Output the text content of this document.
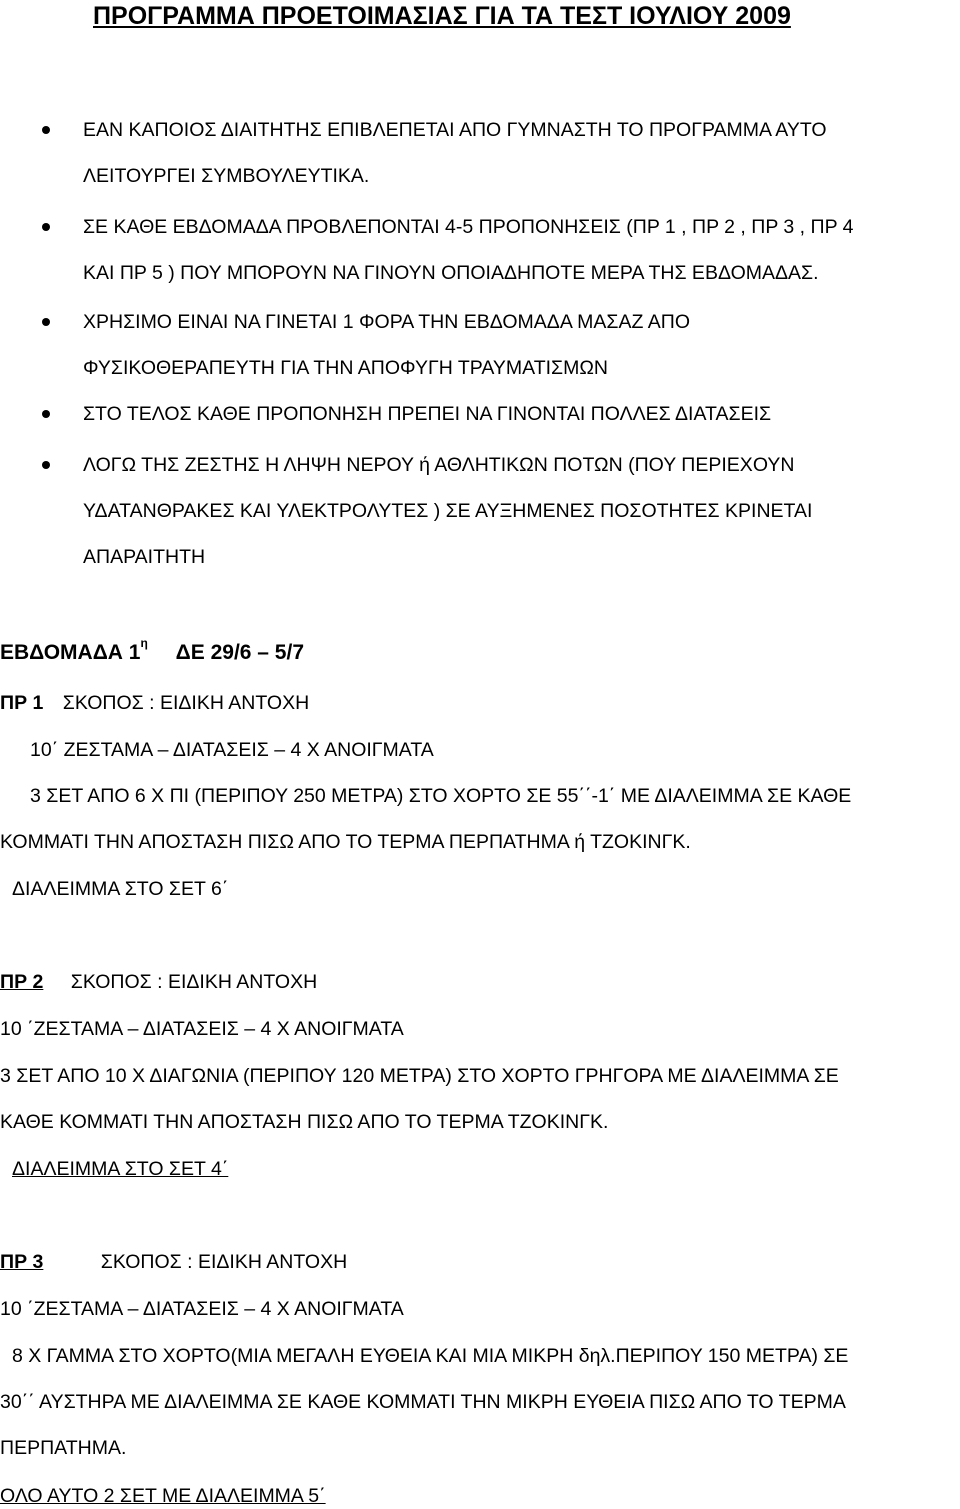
ΠΡΟΓΡΑΜΜΑ ΠΡΟΕΤΟΙΜΑΣΙΑΣ ΓΙΑ ΤΑ ΤΕΣΤ ΙΟΥΛΙΟΥ 2009
ΕΑΝ ΚΑΠΟΙΟΣ ΔΙΑΙΤΗΤΗΣ ΕΠΙΒΛΕΠΕΤΑΙ ΑΠΟ ΓΥΜΝΑΣΤΗ ΤΟ ΠΡΟΓΡΑΜΜΑ ΑΥΤΟ
ΛΕΙΤΟΥΡΓΕΙ ΣΥΜΒΟΥΛΕΥΤΙΚΑ.
ΣΕ ΚΑΘΕ ΕΒΔΟΜΑΔΑ ΠΡΟΒΛΕΠΟΝΤΑΙ 4-5 ΠΡΟΠΟΝΗΣΕΙΣ (ΠΡ 1 , ΠΡ 2 , ΠΡ 3 , ΠΡ 4
ΚΑΙ ΠΡ 5 ) ΠΟΥ ΜΠΟΡΟΥΝ ΝΑ ΓΙΝΟΥΝ ΟΠΟΙΑΔΗΠΟΤΕ ΜΕΡΑ ΤΗΣ ΕΒΔΟΜΑΔΑΣ.
ΧΡΗΣΙΜΟ ΕΙΝΑΙ ΝΑ ΓΙΝΕΤΑΙ 1 ΦΟΡΑ ΤΗΝ ΕΒΔΟΜΑΔΑ ΜΑΣΑΖ ΑΠΟ
ΦΥΣΙΚΟΘΕΡΑΠΕΥΤΗ ΓΙΑ ΤΗΝ ΑΠΟΦΥΓΗ ΤΡΑΥΜΑΤΙΣΜΩΝ
ΣΤΟ ΤΕΛΟΣ ΚΑΘΕ ΠΡΟΠΟΝΗΣΗ ΠΡΕΠΕΙ ΝΑ ΓΙΝΟΝΤΑΙ ΠΟΛΛΕΣ ΔΙΑΤΑΣΕΙΣ
ΛΟΓΩ ΤΗΣ ΖΕΣΤΗΣ Η ΛΗΨΗ ΝΕΡΟΥ ή ΑΘΛΗΤΙΚΩΝ ΠΟΤΩΝ (ΠΟΥ ΠΕΡΙΕΧΟΥΝ
ΥΔΑΤΑΝΘΡΑΚΕΣ ΚΑΙ ΥΛΕΚΤΡΟΛΥΤΕΣ ) ΣΕ ΑΥΞΗΜΕΝΕΣ ΠΟΣΟΤΗΤΕΣ ΚΡΙΝΕΤΑΙ
ΑΠΑΡΑΙΤΗΤΗ
ΕΒΔΟΜΑΔΑ $1^\eta$ ΔΕ 29/6 – 5/7
ΠΡ 1 ΣΚΟΠΟΣ : ΕΙΔΙΚΗ ΑΝΤΟΧΗ
10΄ ΖΕΣΤΑΜΑ – ΔΙΑΤΑΣΕΙΣ – 4 Χ ΑΝΟΙΓΜΑΤΑ
3 ΣΕΤ ΑΠΟ 6 Χ ΠΙ (ΠΕΡΙΠΟΥ 250 ΜΕΤΡΑ) ΣΤΟ ΧΟΡΤΟ ΣΕ 55΄΄-1΄ ΜΕ ΔΙΑΛΕΙΜΜΑ ΣΕ ΚΑΘΕ
ΚΟΜΜΑΤΙ ΤΗΝ ΑΠΟΣΤΑΣΗ ΠΙΣΩ ΑΠΟ ΤΟ ΤΕΡΜΑ ΠΕΡΠΑΤΗΜΑ ή ΤΖΟΚΙΝΓΚ.
ΔΙΑΛΕΙΜΜΑ ΣΤΟ ΣΕΤ 6΄
ΠΡ 2 ΣΚΟΠΟΣ : ΕΙΔΙΚΗ ΑΝΤΟΧΗ
10 ΄ΖΕΣΤΑΜΑ – ΔΙΑΤΑΣΕΙΣ – 4 Χ ΑΝΟΙΓΜΑΤΑ
3 ΣΕΤ ΑΠΟ 10 Χ ΔΙΑΓΩΝΙΑ (ΠΕΡΙΠΟΥ 120 ΜΕΤΡΑ) ΣΤΟ ΧΟΡΤΟ ΓΡΗΓΟΡΑ ΜΕ ΔΙΑΛΕΙΜΜΑ ΣΕ
ΚΑΘΕ ΚΟΜΜΑΤΙ ΤΗΝ ΑΠΟΣΤΑΣΗ ΠΙΣΩ ΑΠΟ ΤΟ ΤΕΡΜΑ ΤΖΟΚΙΝΓΚ.
ΔΙΑΛΕΙΜΜΑ ΣΤΟ ΣΕΤ 4΄
ΠΡ 3	ΣΚΟΠΟΣ : ΕΙΔΙΚΗ ΑΝΤΟΧΗ
10 ΄ΖΕΣΤΑΜΑ – ΔΙΑΤΑΣΕΙΣ – 4 Χ ΑΝΟΙΓΜΑΤΑ
8 Χ ΓΑΜΜΑ ΣΤΟ ΧΟΡΤΟ(ΜΙΑ ΜΕΓΑΛΗ ΕΥΘΕΙΑ ΚΑΙ ΜΙΑ ΜΙΚΡΗ δηλ.ΠΕΡΙΠΟΥ 150 ΜΕΤΡΑ) ΣΕ
30΄΄ ΑΥΣΤΗΡΑ ΜΕ ΔΙΑΛΕΙΜΜΑ ΣΕ ΚΑΘΕ ΚΟΜΜΑΤΙ ΤΗΝ ΜΙΚΡΗ ΕΥΘΕΙΑ ΠΙΣΩ ΑΠΟ ΤΟ ΤΕΡΜΑ
ΠΕΡΠΑΤΗΜΑ.
ΟΛΟ ΑΥΤΟ 2 ΣΕΤ ΜΕ ΔΙΑΛΕΙΜΜΑ 5΄
